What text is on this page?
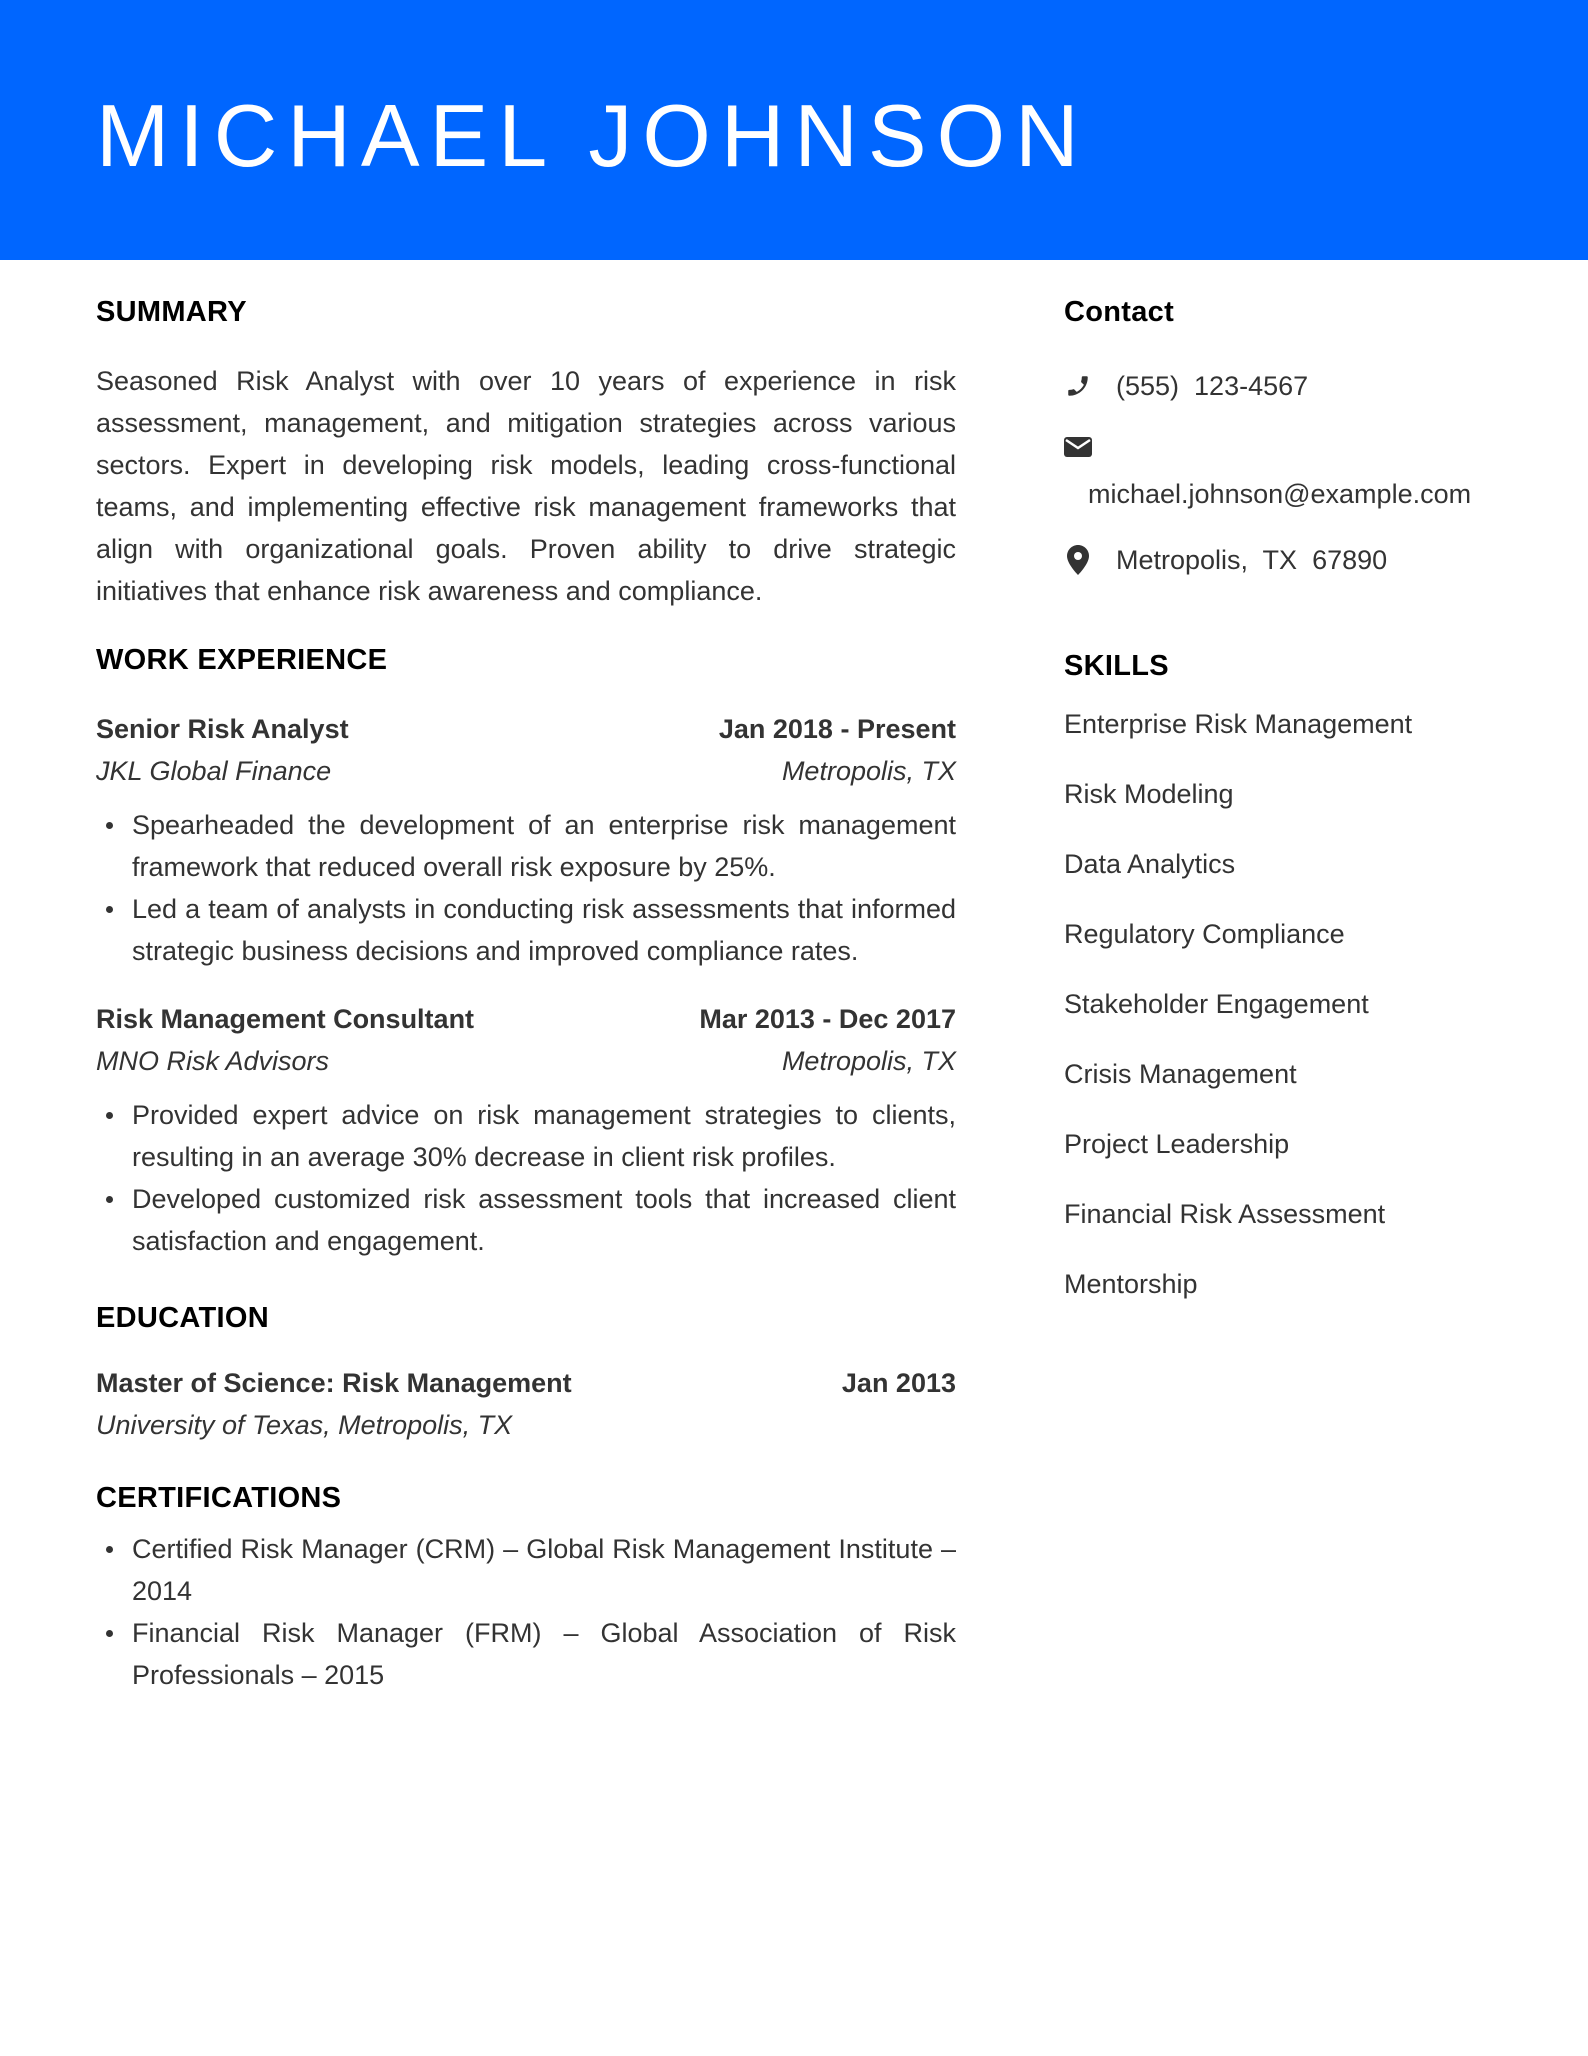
MICHAEL JOHNSON
SUMMARY

Seasoned Risk Analyst with over 10 years of experience in risk assessment, management, and mitigation strategies across various sectors. Expert in developing risk models, leading cross-functional teams, and implementing effective risk management frameworks that align with organizational goals. Proven ability to drive strategic initiatives that enhance risk awareness and compliance.

WORK EXPERIENCE
Senior Risk Analyst	Jan 2018 - Present
JKL Global Finance	Metropolis, TX
Spearheaded the development of an enterprise risk management framework that reduced overall risk exposure by 25%.
Led a team of analysts in conducting risk assessments that informed strategic business decisions and improved compliance rates.
Risk Management Consultant	Mar 2013 - Dec 2017
MNO Risk Advisors	Metropolis, TX
Provided expert advice on risk management strategies to clients, resulting in an average 30% decrease in client risk profiles.
Developed customized risk assessment tools that increased client satisfaction and engagement.
EDUCATION
Master of Science: Risk Management	Jan 2013
University of Texas, Metropolis, TX
CERTIFICATIONS
Certified Risk Manager (CRM) – Global Risk Management Institute – 2014
Financial Risk Manager (FRM) – Global Association of Risk Professionals – 2015
Contact
(555)  123-4567
michael.johnson@example.com
Metropolis,  TX  67890
SKILLS
Enterprise Risk Management
Risk Modeling
Data Analytics
Regulatory Compliance
Stakeholder Engagement
Crisis Management
Project Leadership
Financial Risk Assessment
Mentorship
